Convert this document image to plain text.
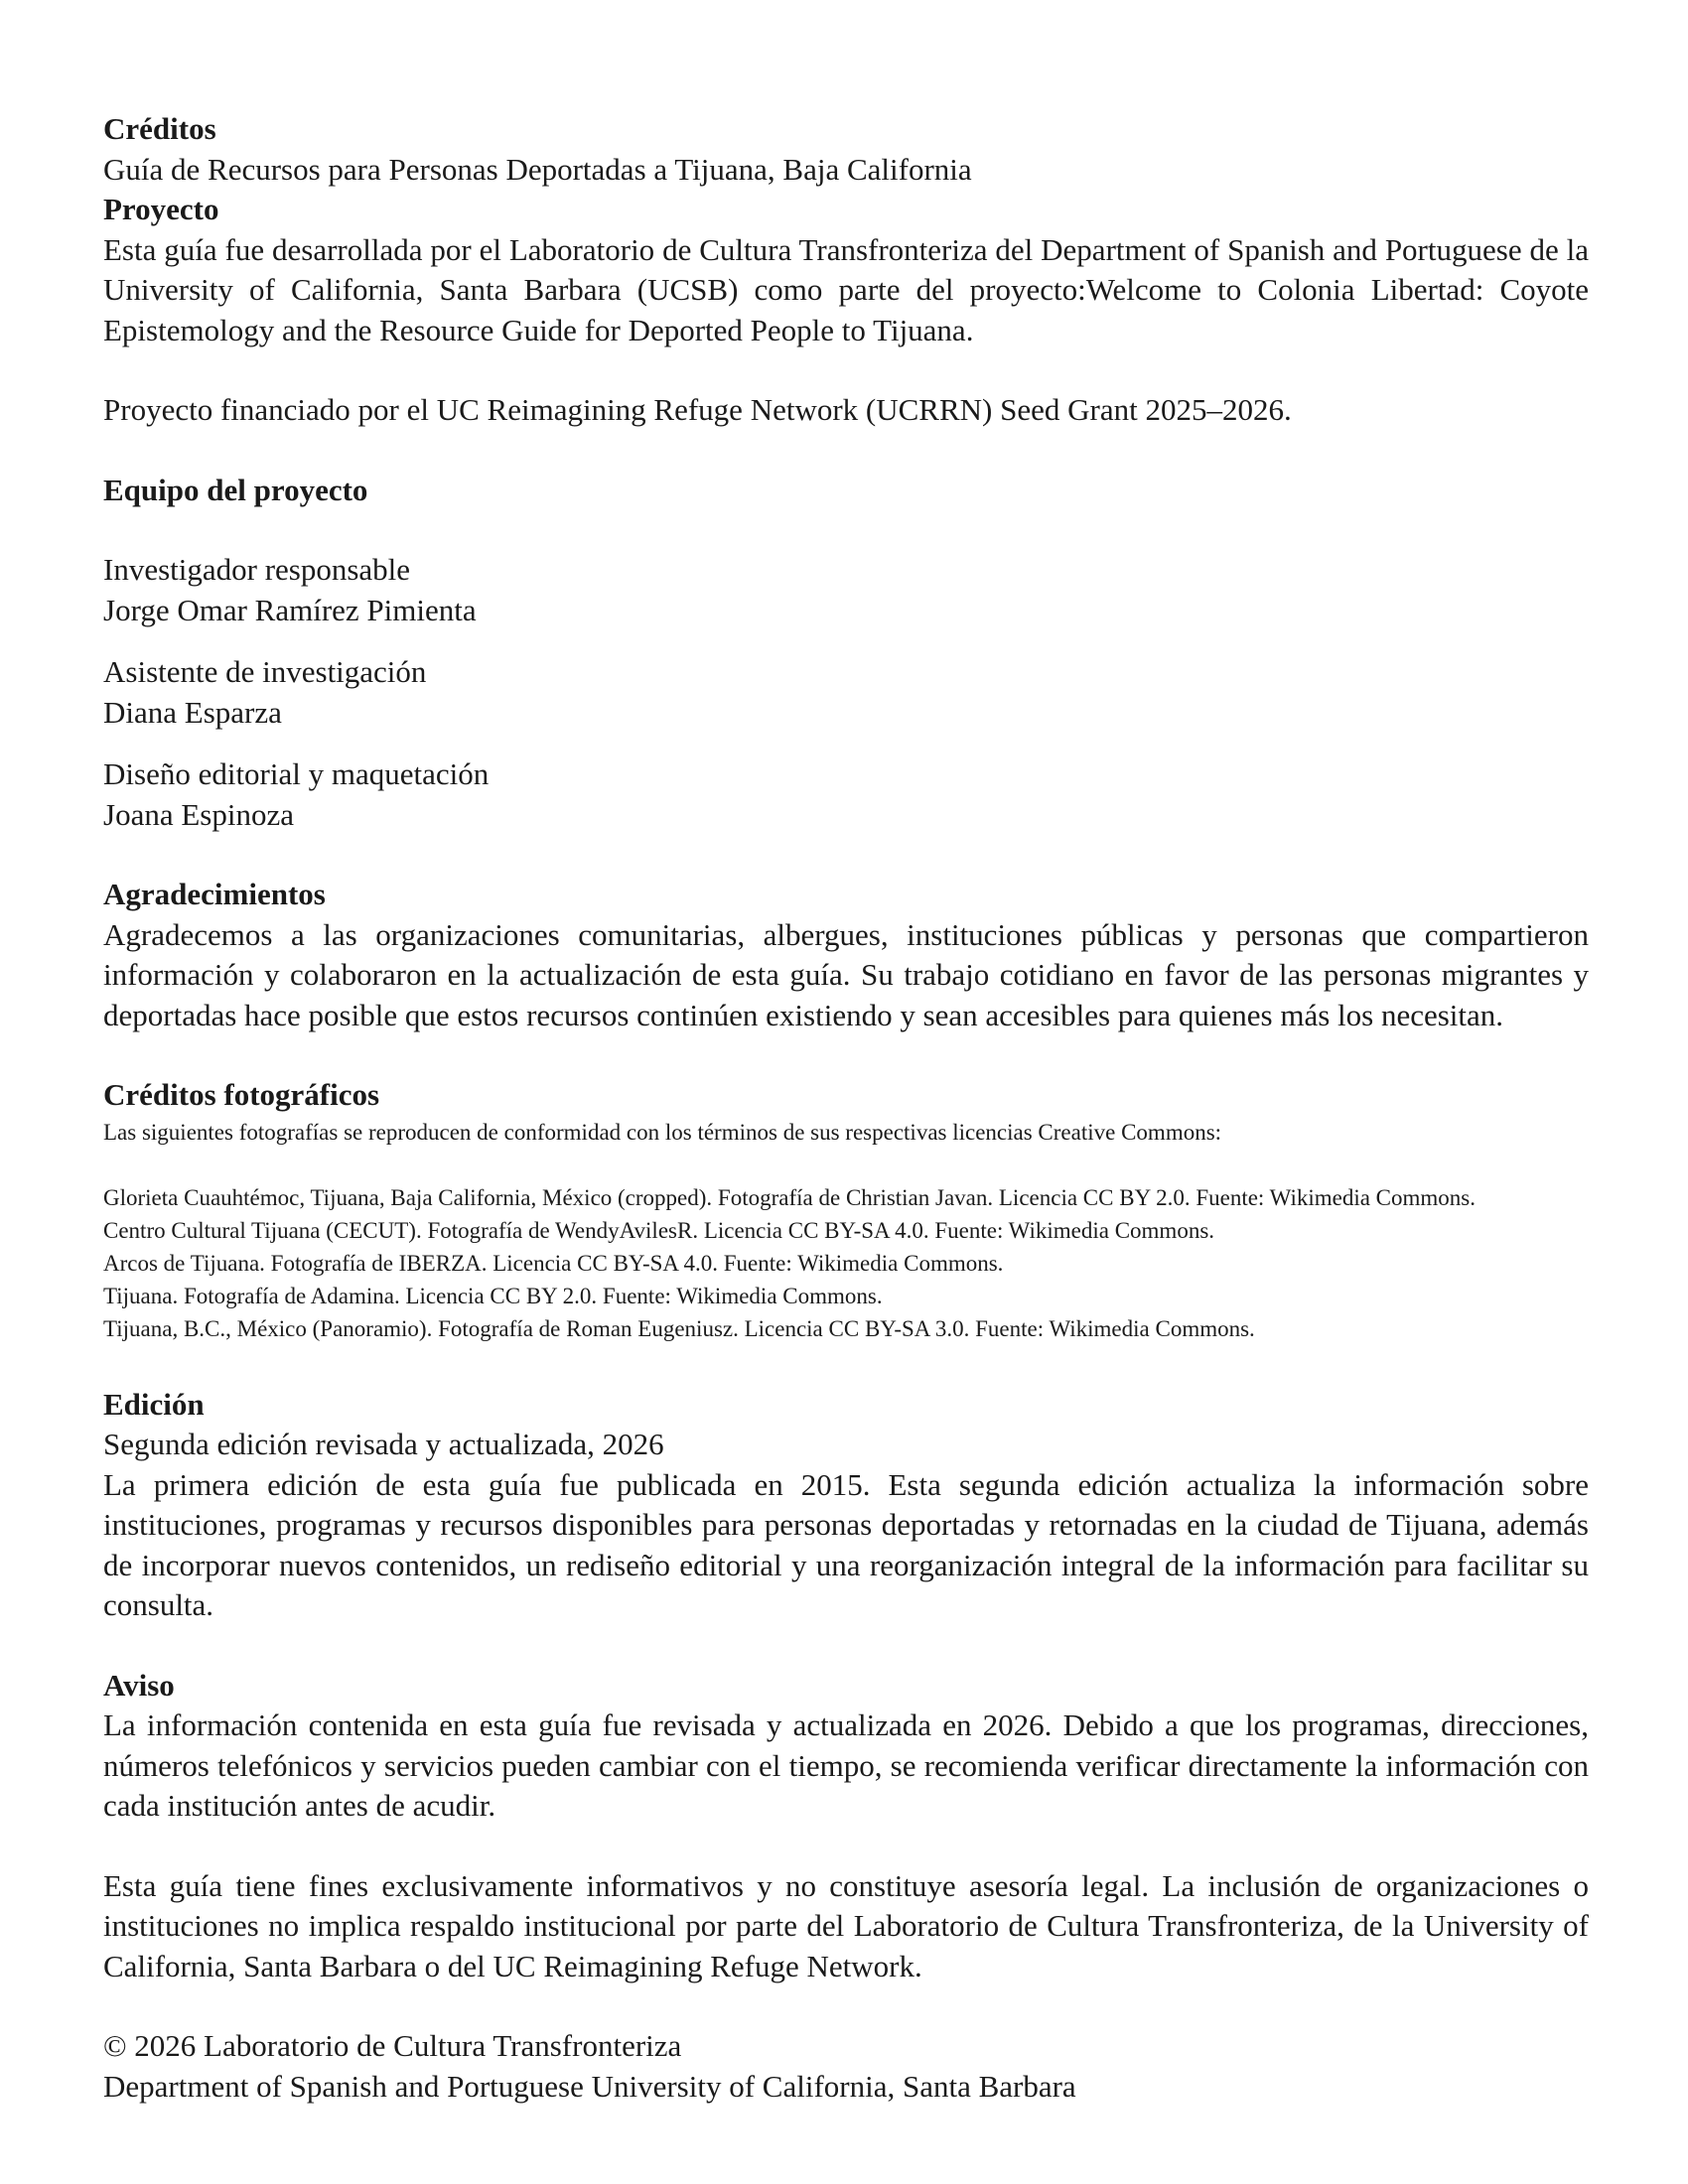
Créditos
Guía de Recursos para Personas Deportadas a Tijuana, Baja California
Proyecto

Esta guía fue desarrollada por el Laboratorio de Cultura Transfronteriza del Department of Spanish and Portuguese de la University of California, Santa Barbara (UCSB) como parte del proyecto:Welcome to Colonia Libertad: Coyote Epistemology and the Resource Guide for Deported People to Tijuana.

Proyecto financiado por el UC Reimagining Refuge Network (UCRRN) Seed Grant 2025–2026.

Equipo del proyecto
Investigador responsable
Jorge Omar Ramírez Pimienta
Asistente de investigación
Diana Esparza
Diseño editorial y maquetación
Joana Espinoza
Agradecimientos

Agradecemos a las organizaciones comunitarias, albergues, instituciones públicas y personas que compartieron información y colaboraron en la actualización de esta guía. Su trabajo cotidiano en favor de las personas migrantes y deportadas hace posible que estos recursos continúen existiendo y sean accesibles para quienes más los necesitan.

Créditos fotográficos
Las siguientes fotografías se reproducen de conformidad con los términos de sus respectivas licencias Creative Commons:
Glorieta Cuauhtémoc, Tijuana, Baja California, México (cropped). Fotografía de Christian Javan. Licencia CC BY 2.0. Fuente: Wikimedia Commons.
Centro Cultural Tijuana (CECUT). Fotografía de WendyAvilesR. Licencia CC BY-SA 4.0. Fuente: Wikimedia Commons.
Arcos de Tijuana. Fotografía de IBERZA. Licencia CC BY-SA 4.0. Fuente: Wikimedia Commons.
Tijuana. Fotografía de Adamina. Licencia CC BY 2.0. Fuente: Wikimedia Commons.
Tijuana, B.C., México (Panoramio). Fotografía de Roman Eugeniusz. Licencia CC BY-SA 3.0. Fuente: Wikimedia Commons.
Edición
Segunda edición revisada y actualizada, 2026

La primera edición de esta guía fue publicada en 2015. Esta segunda edición actualiza la información sobre instituciones, programas y recursos disponibles para personas deportadas y retornadas en la ciudad de Tijuana, además de incorporar nuevos contenidos, un rediseño editorial y una reorganización integral de la información para facilitar su consulta.

Aviso

La información contenida en esta guía fue revisada y actualizada en 2026. Debido a que los programas, direcciones, números telefónicos y servicios pueden cambiar con el tiempo, se recomienda verificar directamente la información con cada institución antes de acudir.

Esta guía tiene fines exclusivamente informativos y no constituye asesoría legal. La inclusión de organizaciones o instituciones no implica respaldo institucional por parte del Laboratorio de Cultura Transfronteriza, de la University of California, Santa Barbara o del UC Reimagining Refuge Network.

© 2026 Laboratorio de Cultura Transfronteriza
Department of Spanish and Portuguese University of California, Santa Barbara
